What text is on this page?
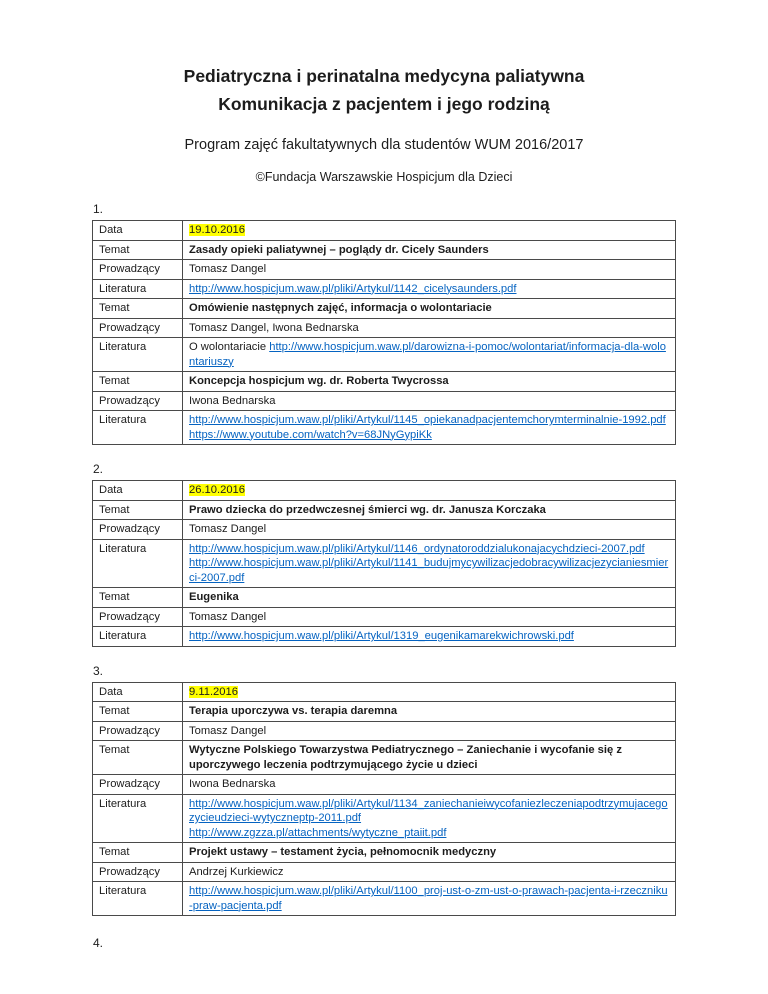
Pediatryczna i perinatalna medycyna paliatywna
Komunikacja z pacjentem i jego rodziną
Program zajęć fakultatywnych dla studentów WUM 2016/2017
©Fundacja Warszawskie Hospicjum dla Dzieci
1.
Data	19.10.2016
Temat	Zasady opieki paliatywnej – poglądy dr. Cicely Saunders
Prowadzący	Tomasz Dangel
Literatura	http://www.hospicjum.waw.pl/pliki/Artykul/1142_cicelysaunders.pdf

Temat	Omówienie następnych zajęć, informacja o wolontariacie
Prowadzący	Tomasz Dangel, Iwona Bednarska
Literatura	O wolontariacie http://www.hospicjum.waw.pl/darowizna-i-pomoc/wolontariat/informacja-dla-wolontariuszy

Temat	Koncepcja hospicjum wg. dr. Roberta Twycrossa
Prowadzący	Iwona Bednarska
Literatura	http://www.hospicjum.waw.pl/pliki/Artykul/1145_opiekanadpacjentemchorymterminalnie-1992.pdf
https://www.youtube.com/watch?v=68JNyGypiKk
2.
Data	26.10.2016
Temat	Prawo dziecka do przedwczesnej śmierci wg. dr. Janusza Korczaka
Prowadzący	Tomasz Dangel
Literatura	http://www.hospicjum.waw.pl/pliki/Artykul/1146_ordynatoroddzialukonajacychdzieci-2007.pdf
http://www.hospicjum.waw.pl/pliki/Artykul/1141_budujmycywilizacjedobracywilizacjezycianiesmierci-2007.pdf

Temat	Eugenika
Prowadzący	Tomasz Dangel
Literatura	http://www.hospicjum.waw.pl/pliki/Artykul/1319_eugenikamarekwichrowski.pdf
3.
Data	9.11.2016
Temat	Terapia uporczywa vs. terapia daremna
Prowadzący	Tomasz Dangel
Temat	Wytyczne Polskiego Towarzystwa Pediatrycznego – Zaniechanie i wycofanie się z uporczywego leczenia podtrzymującego życie u dzieci
Prowadzący	Iwona Bednarska
Literatura	http://www.hospicjum.waw.pl/pliki/Artykul/1134_zaniechanieiwycofaniezleczeniapodtrzymujacegozycieudzieci-wytyczneptp-2011.pdf
http://www.zgzza.pl/attachments/wytyczne_ptaiit.pdf

Temat	Projekt ustawy – testament życia, pełnomocnik medyczny
Prowadzący	Andrzej Kurkiewicz
Literatura	http://www.hospicjum.waw.pl/pliki/Artykul/1100_proj-ust-o-zm-ust-o-prawach-pacjenta-i-rzeczniku-praw-pacjenta.pdf
4.
